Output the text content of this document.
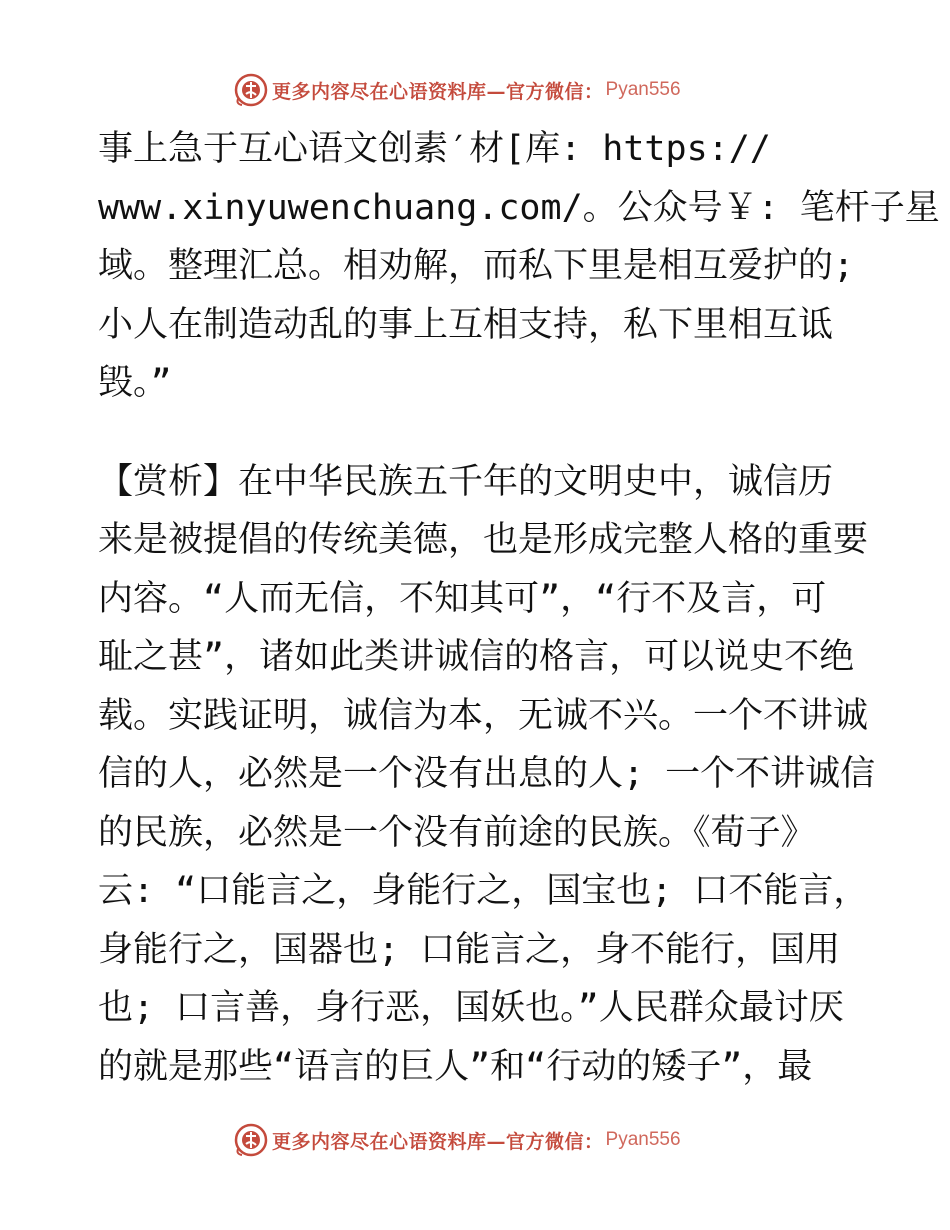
更多内容尽在心语资料库—官方微信： Pyan556
事上急于互心语文创素′材[库: https://
www.xinyuwenchuang.com/。公众号￥: 笔杆子星
域。整理汇总。相劝解，而私下里是相互爱护的;
小人在制造动乱的事上互相支持，私下里相互诋
毁。”
【赏析】在中华民族五千年的文明史中，诚信历
来是被提倡的传统美德，也是形成完整人格的重要
内容。“人而无信，不知其可”，“行不及言，可
耻之甚”，诸如此类讲诚信的格言，可以说史不绝
载。实践证明，诚信为本，无诚不兴。一个不讲诚
信的人，必然是一个没有出息的人; 一个不讲诚信
的民族，必然是一个没有前途的民族。《荀子》
云: “口能言之，身能行之，国宝也; 口不能言，
身能行之，国器也; 口能言之，身不能行，国用
也; 口言善，身行恶，国妖也。”人民群众最讨厌
的就是那些“语言的巨人”和“行动的矮子”，最
更多内容尽在心语资料库—官方微信： Pyan556
